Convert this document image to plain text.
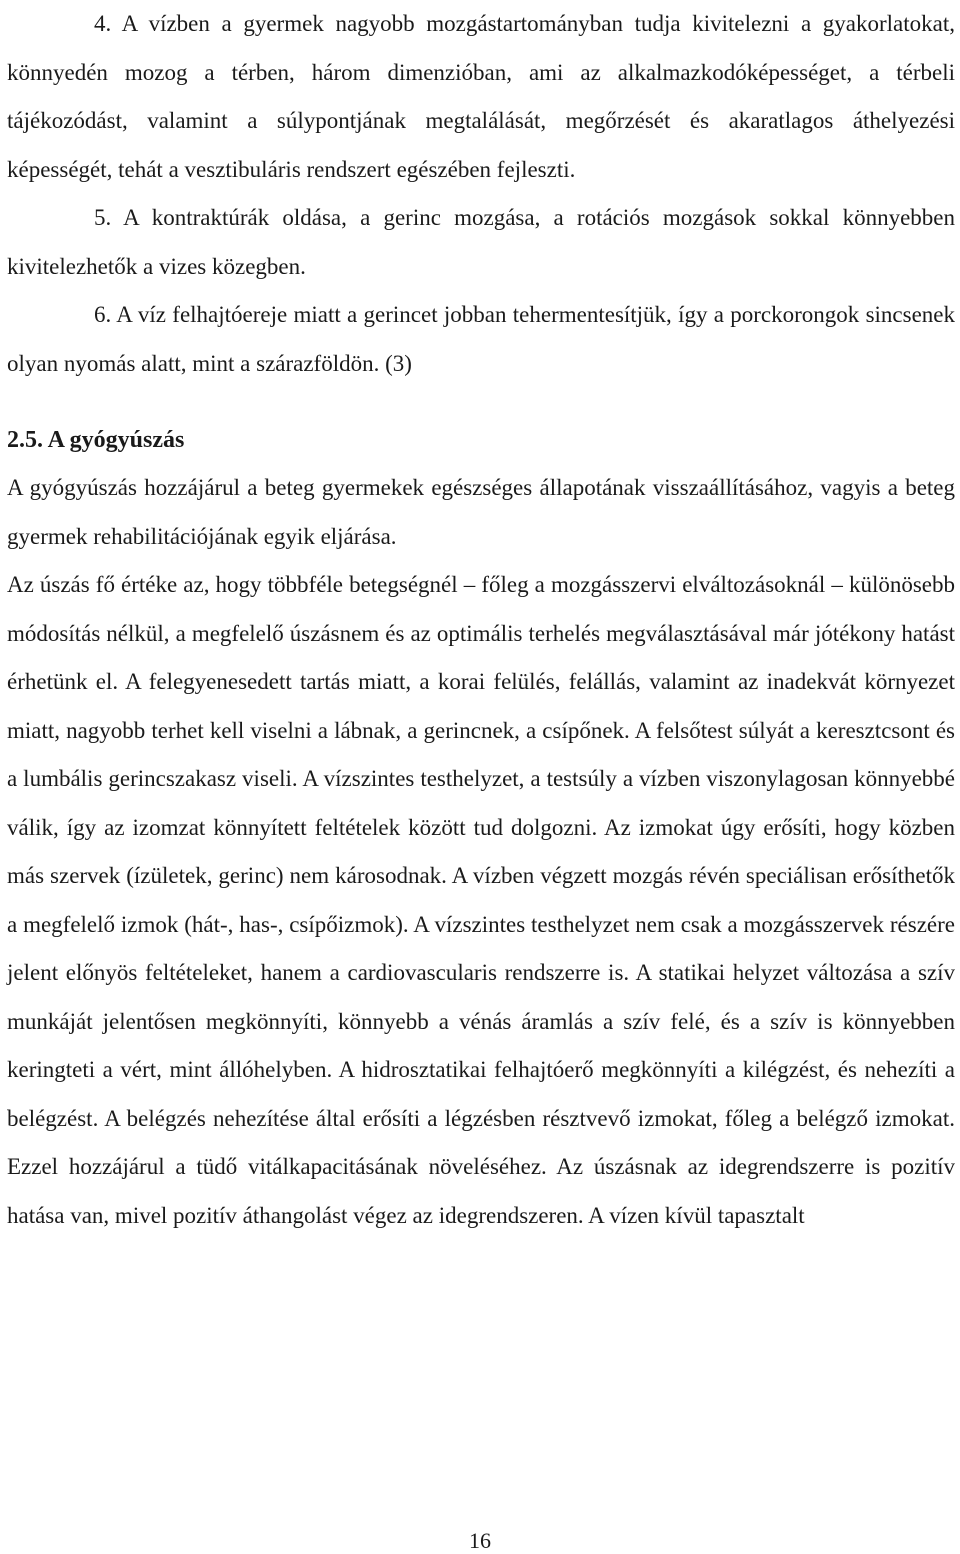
4. A vízben a gyermek nagyobb mozgástartományban tudja kivitelezni a gyakorlatokat, könnyedén mozog a térben, három dimenzióban, ami az alkalmazkodóképességet, a térbeli tájékozódást, valamint a súlypontjának megtalálását, megőrzését és akaratlagos áthelyezési képességét, tehát a vesztibuláris rendszert egészében fejleszti.

5. A kontraktúrák oldása, a gerinc mozgása, a rotációs mozgások sokkal könnyebben kivitelezhetők a vizes közegben.

6. A víz felhajtóereje miatt a gerincet jobban tehermentesítjük, így a porckorongok sincsenek olyan nyomás alatt, mint a szárazföldön. (3)

2.5. A gyógyúszás

A gyógyúszás hozzájárul a beteg gyermekek egészséges állapotának visszaállításához, vagyis a beteg gyermek rehabilitációjának egyik eljárása.

Az úszás fő értéke az, hogy többféle betegségnél – főleg a mozgásszervi elváltozásoknál – különösebb módosítás nélkül, a megfelelő úszásnem és az optimális terhelés megválasztásával már jótékony hatást érhetünk el. A felegyenesedett tartás miatt, a korai felülés, felállás, valamint az inadekvát környezet miatt, nagyobb terhet kell viselni a lábnak, a gerincnek, a csípőnek. A felsőtest súlyát a keresztcsont és a lumbális gerincszakasz viseli. A vízszintes testhelyzet, a testsúly a vízben viszonylagosan könnyebbé válik, így az izomzat könnyített feltételek között tud dolgozni. Az izmokat úgy erősíti, hogy közben más szervek (ízületek, gerinc) nem károsodnak. A vízben végzett mozgás révén speciálisan erősíthetők a megfelelő izmok (hát-, has-, csípőizmok). A vízszintes testhelyzet nem csak a mozgásszervek részére jelent előnyös feltételeket, hanem a cardiovascularis rendszerre is. A statikai helyzet változása a szív munkáját jelentősen megkönnyíti, könnyebb a vénás áramlás a szív felé, és a szív is könnyebben keringteti a vért, mint állóhelyben. A hidrosztatikai felhajtóerő megkönnyíti a kilégzést, és nehezíti a belégzést. A belégzés nehezítése által erősíti a légzésben résztvevő izmokat, főleg a belégző izmokat. Ezzel hozzájárul a tüdő vitálkapacitásának növeléséhez. Az úszásnak az idegrendszerre is pozitív hatása van, mivel pozitív áthangolást végez az idegrendszeren. A vízen kívül tapasztalt

16
